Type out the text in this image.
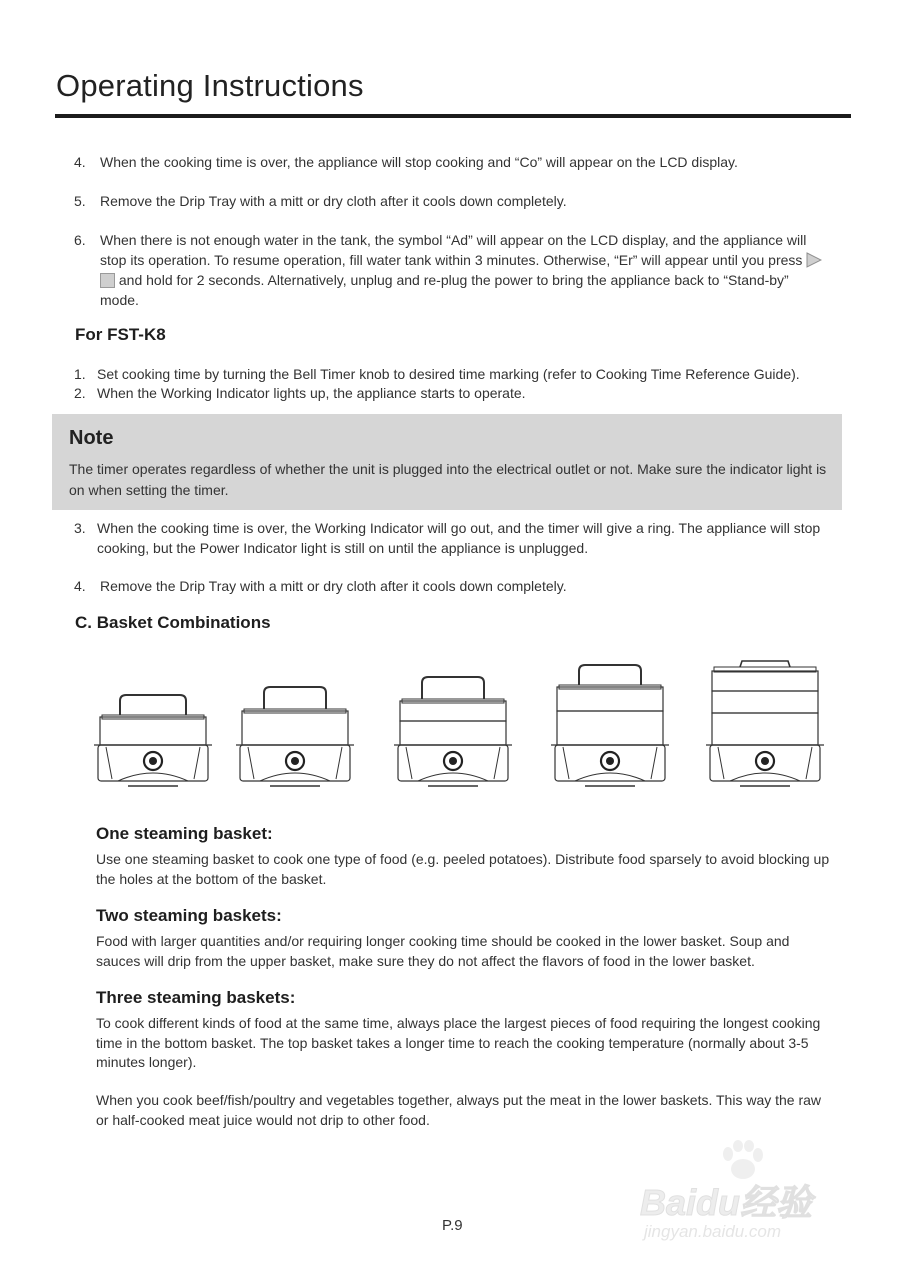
Operating Instructions
4. When the cooking time is over, the appliance will stop cooking and “Co” will appear on the LCD display.
5. Remove the Drip Tray with a mitt or dry cloth after it cools down completely.
6. When there is not enough water in the tank, the symbol “Ad” will appear on the LCD display, and the appliance will stop its operation. To resume operation, fill water tank within 3 minutes. Otherwise, “Er” will appear until you press  and hold for 2 seconds. Alternatively, unplug and re-plug the power to bring the appliance back to “Stand-by” mode.
For FST-K8
1. Set cooking time by turning the Bell Timer knob to desired time marking (refer to Cooking Time Reference Guide).
2. When the Working Indicator lights up, the appliance starts to operate.
Note
The timer operates regardless of whether the unit is plugged into the electrical outlet or not. Make sure the indicator light is on when setting the timer.
3. When the cooking time is over, the Working Indicator will go out, and the timer will give a ring. The appliance will stop cooking, but the Power Indicator light is still on until the appliance is unplugged.
4. Remove the Drip Tray with a mitt or dry cloth after it cools down completely.
C. Basket Combinations
One steaming basket:
Use one steaming basket to cook one type of food (e.g. peeled potatoes). Distribute food sparsely to avoid blocking up the holes at the bottom of the basket.
Two steaming baskets:
Food with larger quantities and/or requiring longer cooking time should be cooked in the lower basket. Soup and sauces will drip from the upper basket, make sure they do not affect the flavors of food in the lower basket.
Three steaming baskets:
To cook different kinds of food at the same time, always place the largest pieces of food requiring the longest cooking time in the bottom basket. The top basket takes a longer time to reach the cooking temperature (normally about 3-5 minutes longer).
When you cook beef/fish/poultry and vegetables together, always put the meat in the lower baskets. This way the raw or half-cooked meat juice would not drip to other food.
P.9
Baidu经验
jingyan.baidu.com
